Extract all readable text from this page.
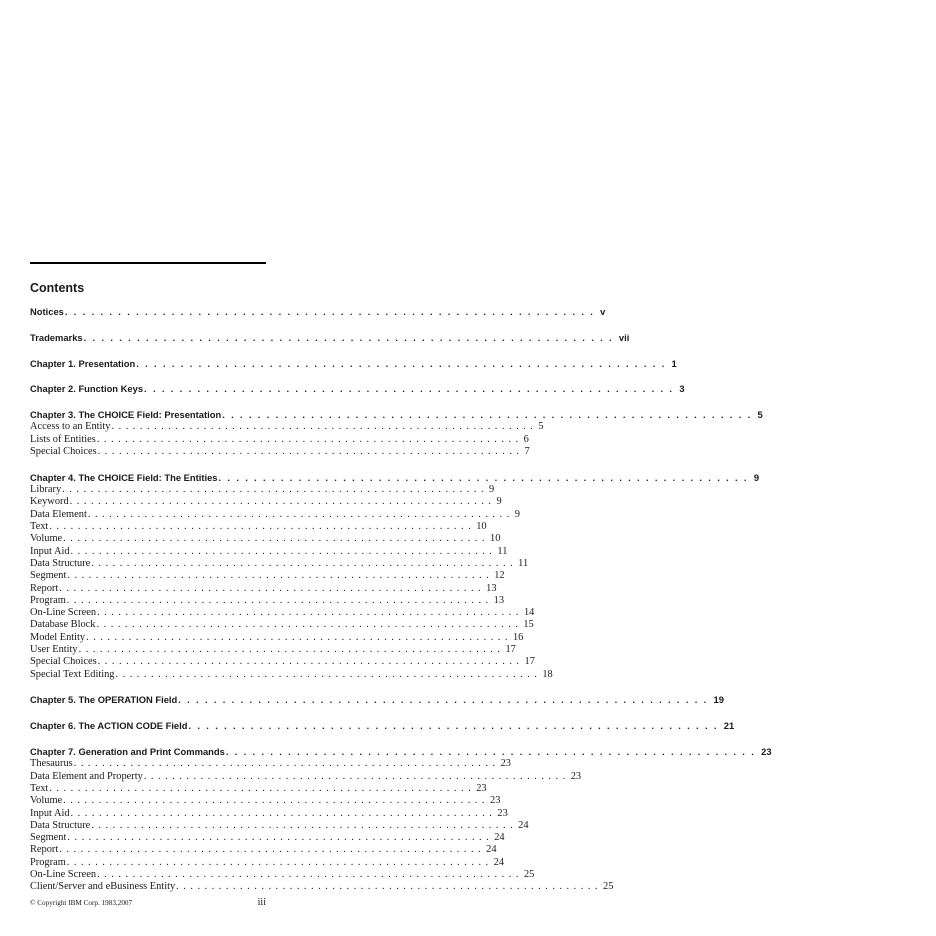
Contents
Notices ............................................................ v
Trademarks ............................................................ vii
Chapter 1. Presentation ............................................................ 1
Chapter 2. Function Keys ............................................................ 3
Chapter 3. The CHOICE Field: Presentation ............................................................ 5
Access to an Entity ............................................................ 5
Lists of Entities ............................................................ 6
Special Choices ............................................................ 7
Chapter 4. The CHOICE Field: The Entities ............................................................ 9
Library ............................................................ 9
Keyword ............................................................ 9
Data Element ............................................................ 9
Text ............................................................ 10
Volume ............................................................ 10
Input Aid ............................................................ 11
Data Structure ............................................................ 11
Segment ............................................................ 12
Report ............................................................ 13
Program ............................................................ 13
On-Line Screen ............................................................ 14
Database Block ............................................................ 15
Model Entity ............................................................ 16
User Entity ............................................................ 17
Special Choices ............................................................ 17
Special Text Editing ............................................................ 18
Chapter 5. The OPERATION Field ............................................................ 19
Chapter 6. The ACTION CODE Field ............................................................ 21
Chapter 7. Generation and Print Commands ............................................................ 23
Thesaurus ............................................................ 23
Data Element and Property ............................................................ 23
Text ............................................................ 23
Volume ............................................................ 23
Input Aid ............................................................ 23
Data Structure ............................................................ 24
Segment ............................................................ 24
Report ............................................................ 24
Program ............................................................ 24
On-Line Screen ............................................................ 25
Client/Server and eBusiness Entity ............................................................ 25
© Copyright IBM Corp. 1983,2007	iii
